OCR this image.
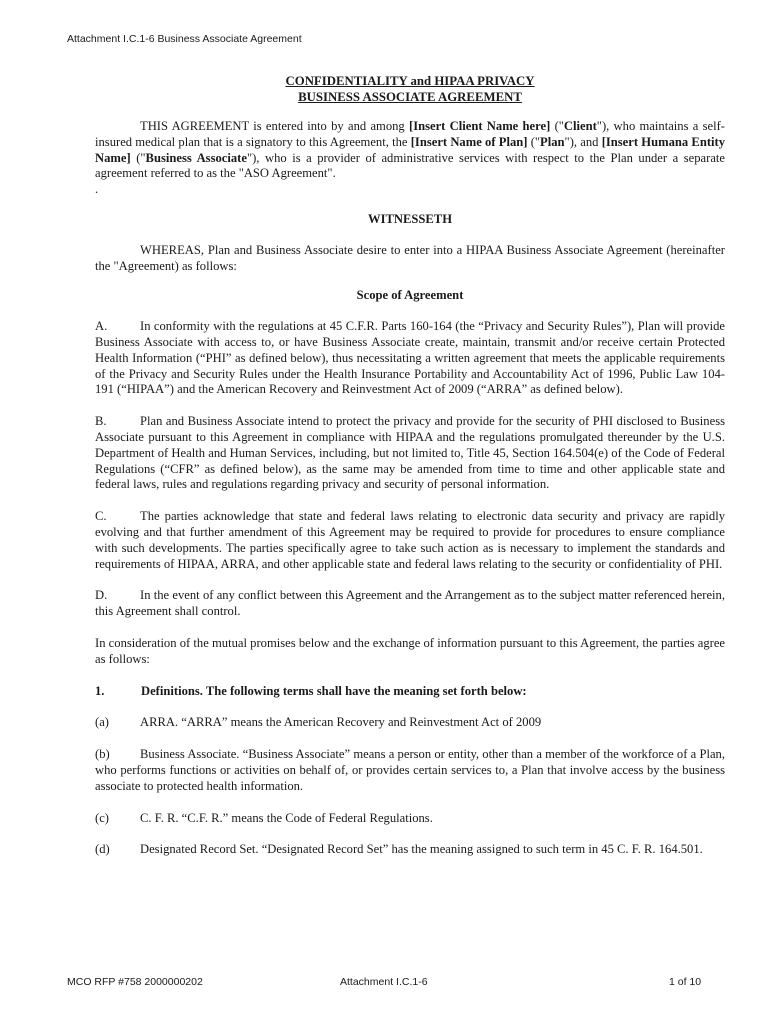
Attachment I.C.1-6 Business Associate Agreement

CONFIDENTIALITY and HIPAA PRIVACY

BUSINESS ASSOCIATE AGREEMENT

THIS AGREEMENT is entered into by and among [Insert Client Name here] ("Client"), who maintains a self-insured medical plan that is a signatory to this Agreement, the [Insert Name of Plan] ("Plan"), and [Insert Humana Entity Name] ("Business Associate"), who is a provider of administrative services with respect to the Plan under a separate agreement referred to as the "ASO Agreement".

.

WITNESSETH

WHEREAS, Plan and Business Associate desire to enter into a HIPAA Business Associate Agreement (hereinafter the "Agreement) as follows:

Scope of Agreement

A.	In conformity with the regulations at 45 C.F.R. Parts 160-164 (the “Privacy and Security Rules”), Plan will provide Business Associate with access to, or have Business Associate create, maintain, transmit and/or receive certain Protected Health Information (“PHI” as defined below), thus necessitating a written agreement that meets the applicable requirements of the Privacy and Security Rules under the Health Insurance Portability and Accountability Act of 1996, Public Law 104-191 (“HIPAA”) and the American Recovery and Reinvestment Act of 2009 (“ARRA” as defined below).

B.	Plan and Business Associate intend to protect the privacy and provide for the security of PHI disclosed to Business Associate pursuant to this Agreement in compliance with HIPAA and the regulations promulgated thereunder by the U.S. Department of Health and Human Services, including, but not limited to, Title 45, Section 164.504(e) of the Code of Federal Regulations (“CFR” as defined below), as the same may be amended from time to time and other applicable state and federal laws, rules and regulations regarding privacy and security of personal information.

C.	The parties acknowledge that state and federal laws relating to electronic data security and privacy are rapidly evolving and that further amendment of this Agreement may be required to provide for procedures to ensure compliance with such developments. The parties specifically agree to take such action as is necessary to implement the standards and requirements of HIPAA, ARRA, and other applicable state and federal laws relating to the security or confidentiality of PHI.

D.	In the event of any conflict between this Agreement and the Arrangement as to the subject matter referenced herein, this Agreement shall control.

In consideration of the mutual promises below and the exchange of information pursuant to this Agreement, the parties agree as follows:

1.	Definitions. The following terms shall have the meaning set forth below:

(a) ARRA. “ARRA” means the American Recovery and Reinvestment Act of 2009

(b) Business Associate. “Business Associate” means a person or entity, other than a member of the workforce of a Plan, who performs functions or activities on behalf of, or provides certain services to, a Plan that involve access by the business associate to protected health information.

(c) C. F. R. “C.F. R.” means the Code of Federal Regulations.

(d) Designated Record Set. “Designated Record Set” has the meaning assigned to such term in 45 C. F. R. 164.501.

MCO RFP #758 2000000202	Attachment I.C.1-6	1 of 10
